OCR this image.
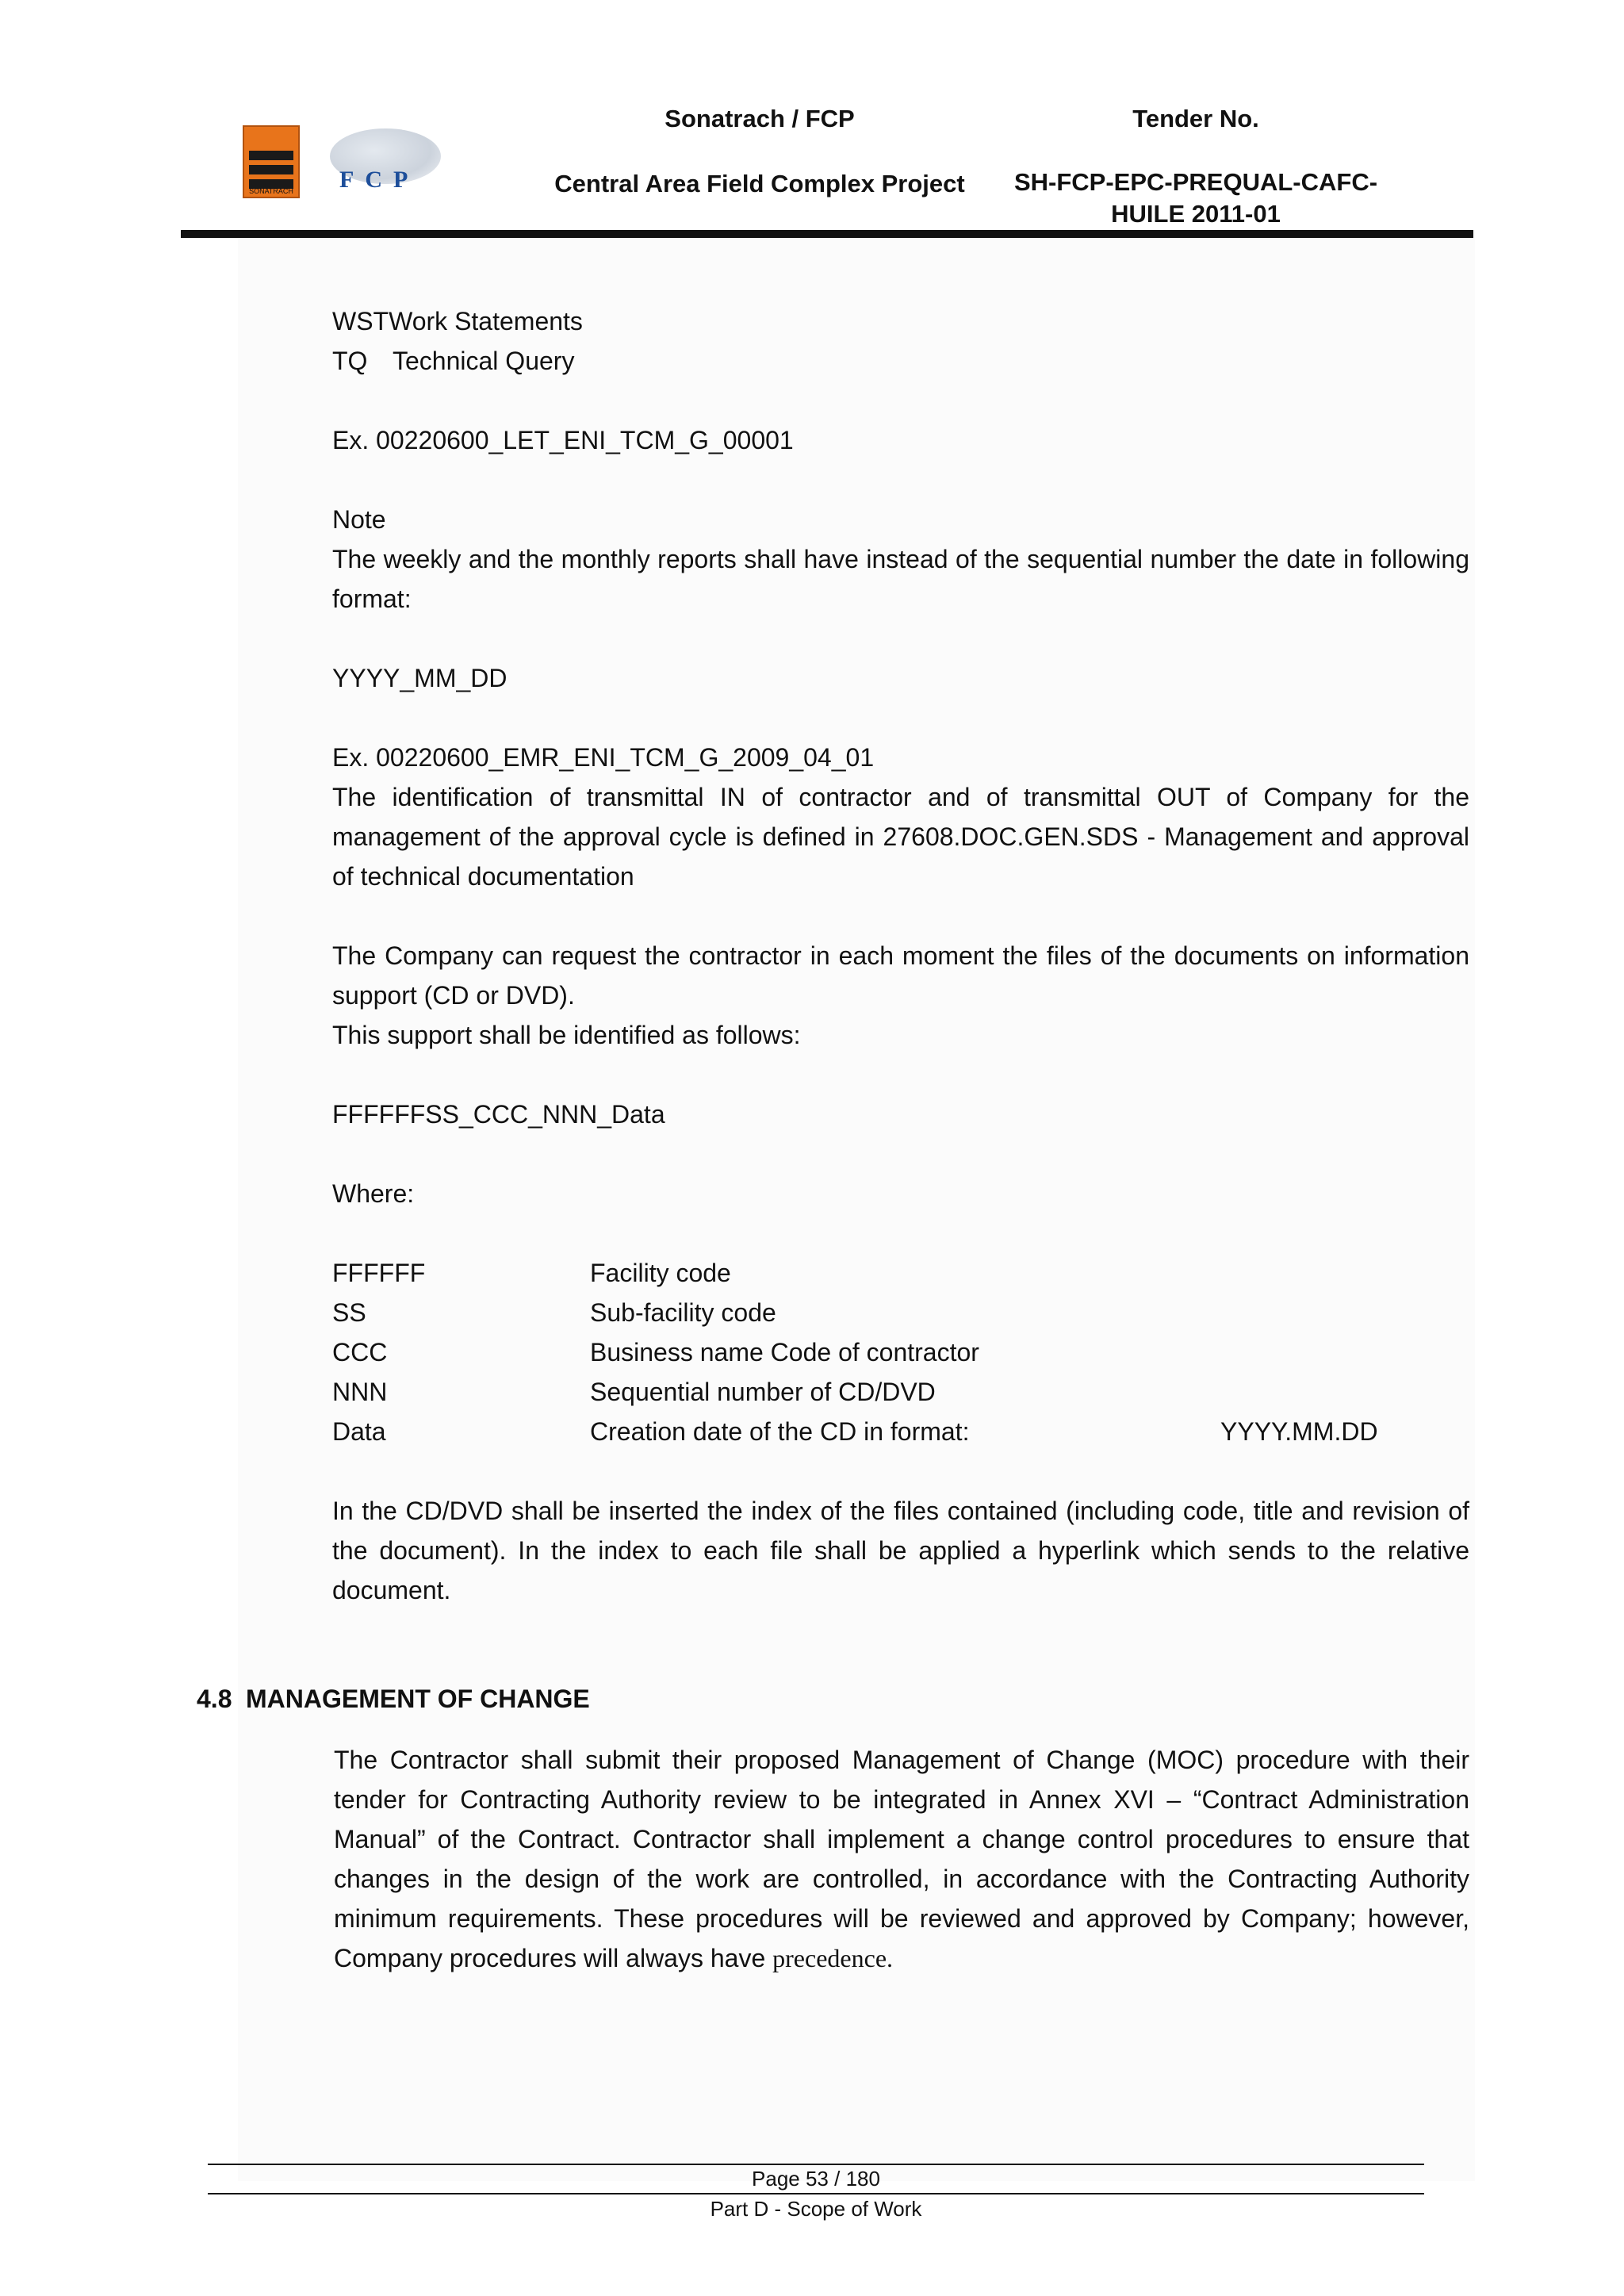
SONATRACH FCP
Sonatrach / FCP
Central Area Field Complex Project
Tender No.
SH-FCP-EPC-PREQUAL-CAFC-
HUILE 2011-01
WSTWork Statements
TQ Technical Query

Ex. 00220600_LET_ENI_TCM_G_00001

Note

The weekly and the monthly reports shall have instead of the sequential number the date in following format:

YYYY_MM_DD

Ex. 00220600_EMR_ENI_TCM_G_2009_04_01

The identification of transmittal IN of contractor and of transmittal OUT of Company for the management of the approval cycle is defined in 27608.DOC.GEN.SDS - Management and approval of technical documentation

The Company can request the contractor in each moment the files of the documents on information support (CD or DVD).

This support shall be identified as follows:

FFFFFFSS_CCC_NNN_Data

Where:

FFFFFF	Facility code	
SS	Sub-facility code	
CCC	Business name Code of contractor	
NNN	Sequential number of CD/DVD	
Data	Creation date of the CD in format:	YYYY.MM.DD

In the CD/DVD shall be inserted the index of the files contained (including code, title and revision of the document). In the index to each file shall be applied a hyperlink which sends to the relative document.

4.8 MANAGEMENT OF CHANGE
The Contractor shall submit their proposed Management of Change (MOC) procedure with their tender for Contracting Authority review to be integrated in Annex XVI – “Contract Administration Manual” of the Contract. Contractor shall implement a change control procedures to ensure that changes in the design of the work are controlled, in accordance with the Contracting Authority minimum requirements. These procedures will be reviewed and approved by Company; however, Company procedures will always have precedence.
Page 53 / 180
Part D - Scope of Work
